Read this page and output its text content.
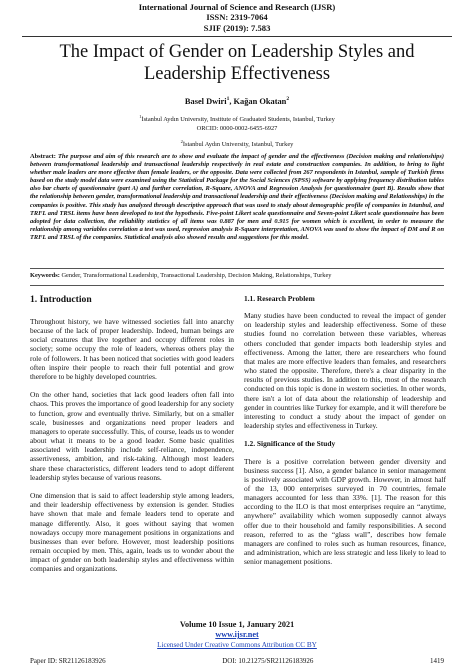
International Journal of Science and Research (IJSR)
ISSN: 2319-7064
SJIF (2019): 7.583
The Impact of Gender on Leadership Styles and Leadership Effectiveness
Basel Dwiri$^1$, Kağan Okatan$^2$
$^1$İstanbul Aydın University, Institute of Graduated Students, Istanbul, Turkey
ORCID: 0000-0002-6455-6927
$^2$İstanbul Aydın University, Istanbul, Turkey
Abstract: The purpose and aim of this research are to show and evaluate the impact of gender and the effectiveness (Decision making and relationships) between transformational leadership and transactional leadership respectively in real estate and construction companies. In addition, to bring to light whether male leaders are more effective than female leaders, or the opposite. Data were collected from 267 respondents in Istanbul, sample of Turkish firms based on the study model data were examined using the Statistical Package for the Social Sciences (SPSS) software by applying frequency distribution tables also bar charts of questionnaire (part A) and further correlation, R-Square, ANOVA and Regression Analysis for questionnaire (part B). Results show that the relationship between gender, transformational leadership and transactional leadership and their effectiveness (Decision making and Relationships) in the companies is positive. This study has analyzed through descriptive approach that was used to study about demographic profile of companies in Istanbul, and TRFL and TRSL items have been developed to test the hypothesis. Five-point Likert scale questionnaire and Seven-point Likert scale questionnaire has been adopted for data collection, the reliability statistics of all items was 0.887 for men and 0.915 for women which is excellent, in order to measure the relationship among variables correlation a test was used, regression analysis R-Square interpretation, ANOVA was used to show the impact of DM and R on TRFL and TRSL of the companies. Statistical analysis also showed results and suggestions for this model.
Keywords: Gender, Transformational Leadership, Transactional Leadership, Decision Making, Relationships, Turkey
1. Introduction

Throughout history, we have witnessed societies fall into anarchy because of the lack of proper leadership. Indeed, human beings are social creatures that live together and occupy different roles in society; some occupy the role of leaders, whereas others play the role of followers. It has been noticed that societies with good leaders often inspire their people to reach their full potential and grow therefore to be highly developed countries.

On the other hand, societies that lack good leaders often fall into chaos. This proves the importance of good leadership for any society to function, grow and eventually thrive. Similarly, but on a smaller scale, businesses and organizations need proper leaders and managers to operate successfully. This, of course, leads us to wonder about what it means to be a good leader. Some basic qualities associated with leadership include self-reliance, independence, assertiveness, ambition, and risk-taking. Although most leaders share these characteristics, different leaders tend to adopt different leadership styles because of various reasons.

One dimension that is said to affect leadership style among leaders, and their leadership effectiveness by extension is gender. Studies have shown that male and female leaders tend to operate and manage differently. Also, it goes without saying that women nowadays occupy more management positions in organizations and businesses than ever before. However, most leadership positions remain occupied by men. This, again, leads us to wonder about the impact of gender on both leadership styles and effectiveness within companies and organizations.

1.1. Research Problem

Many studies have been conducted to reveal the impact of gender on leadership styles and leadership effectiveness. Some of these studies found no correlation between these variables, whereas others concluded that gender impacts both leadership styles and effectiveness. Among the latter, there are researchers who found that males are more effective leaders than females, and researchers who stated the opposite. Therefore, there's a clear disparity in the results of previous studies. In addition to this, most of the research conducted on this topic is done in western societies. In other words, there isn't a lot of data about the relationship of leadership and gender in countries like Turkey for example, and it will therefore be interesting to conduct a study about the impact of gender on leadership styles and effectiveness in Turkey.

1.2. Significance of the Study

There is a positive correlation between gender diversity and business success [1]. Also, a gender balance in senior management is positively associated with GDP growth. However, in almost half of the 13, 000 enterprises surveyed in 70 countries, female managers accounted for less than 33%. [1]. The reason for this according to the ILO is that most enterprises require an “anytime, anywhere” availability which women supposedly cannot always offer due to their household and family responsibilities. A second reason, referred to as the “glass wall”, describes how female managers are confined to roles such as human resources, finance, and administration, which are less strategic and less likely to lead to senior management positions.

Volume 10 Issue 1, January 2021
www.ijsr.net
Licensed Under Creative Commons Attribution CC BY
Paper ID: SR21126183926	DOI: 10.21275/SR21126183926	1419
